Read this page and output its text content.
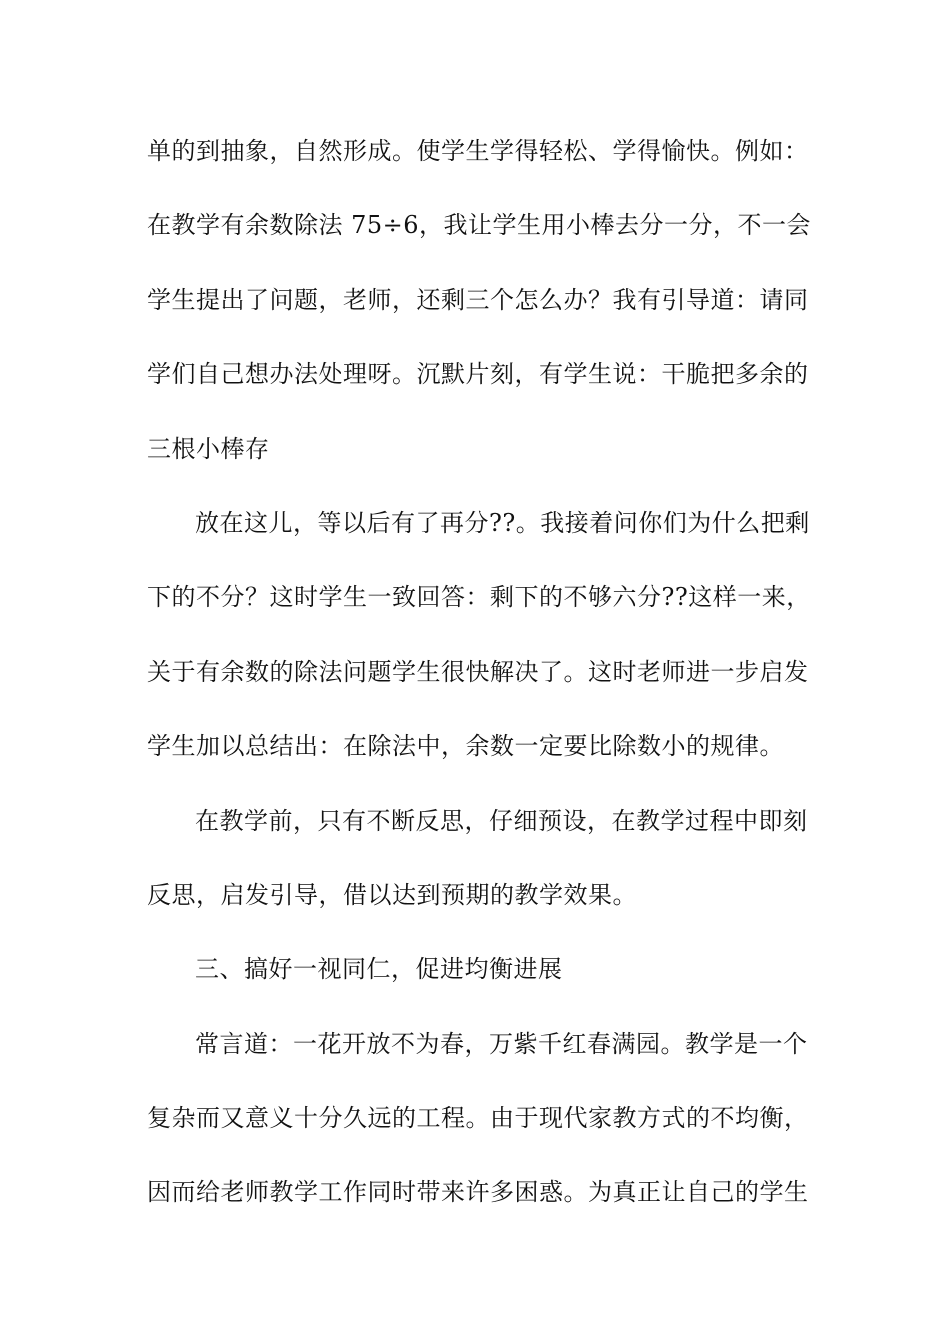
单的到抽象，自然形成。使学生学得轻松、学得愉快。例如：
在教学有余数除法 75÷6，我让学生用小棒去分一分，不一会
学生提出了问题，老师，还剩三个怎么办？我有引导道：请同
学们自己想办法处理呀。沉默片刻，有学生说：干脆把多余的
三根小棒存
放在这儿，等以后有了再分??。我接着问你们为什么把剩
下的不分？这时学生一致回答：剩下的不够六分??这样一来，
关于有余数的除法问题学生很快解决了。这时老师进一步启发
学生加以总结出：在除法中，余数一定要比除数小的规律。
在教学前，只有不断反思，仔细预设，在教学过程中即刻
反思，启发引导，借以达到预期的教学效果。
三、搞好一视同仁，促进均衡进展
常言道：一花开放不为春，万紫千红春满园。教学是一个
复杂而又意义十分久远的工程。由于现代家教方式的不均衡，
因而给老师教学工作同时带来许多困惑。为真正让自己的学生
